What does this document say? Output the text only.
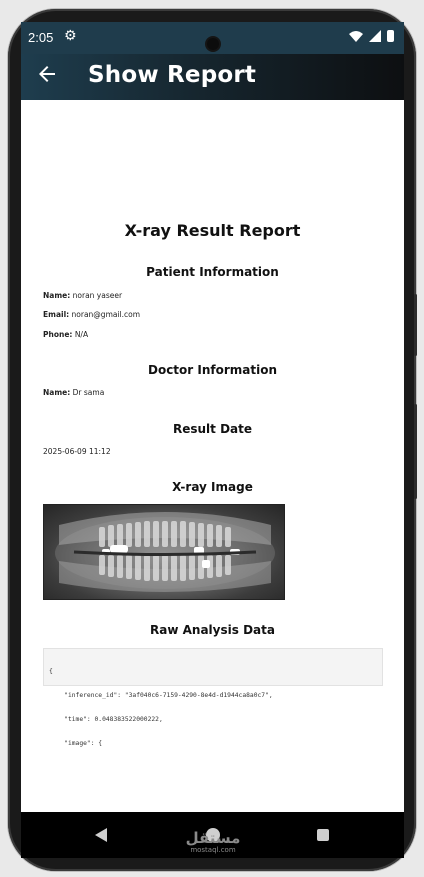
2:05 ⚙
Show Report
X-ray Result Report
Patient Information
Name: noran yaseer
Email: noran@gmail.com
Phone: N/A
Doctor Information
Name: Dr sama
Result Date
2025-06-09 11:12
X-ray Image
Raw Analysis Data

{

"inference_id": "3af040c6-7159-4290-8e4d-d1944ca8a0c7",

"time": 0.048383522000222,

"image": {

مستقل
mostaql.com
